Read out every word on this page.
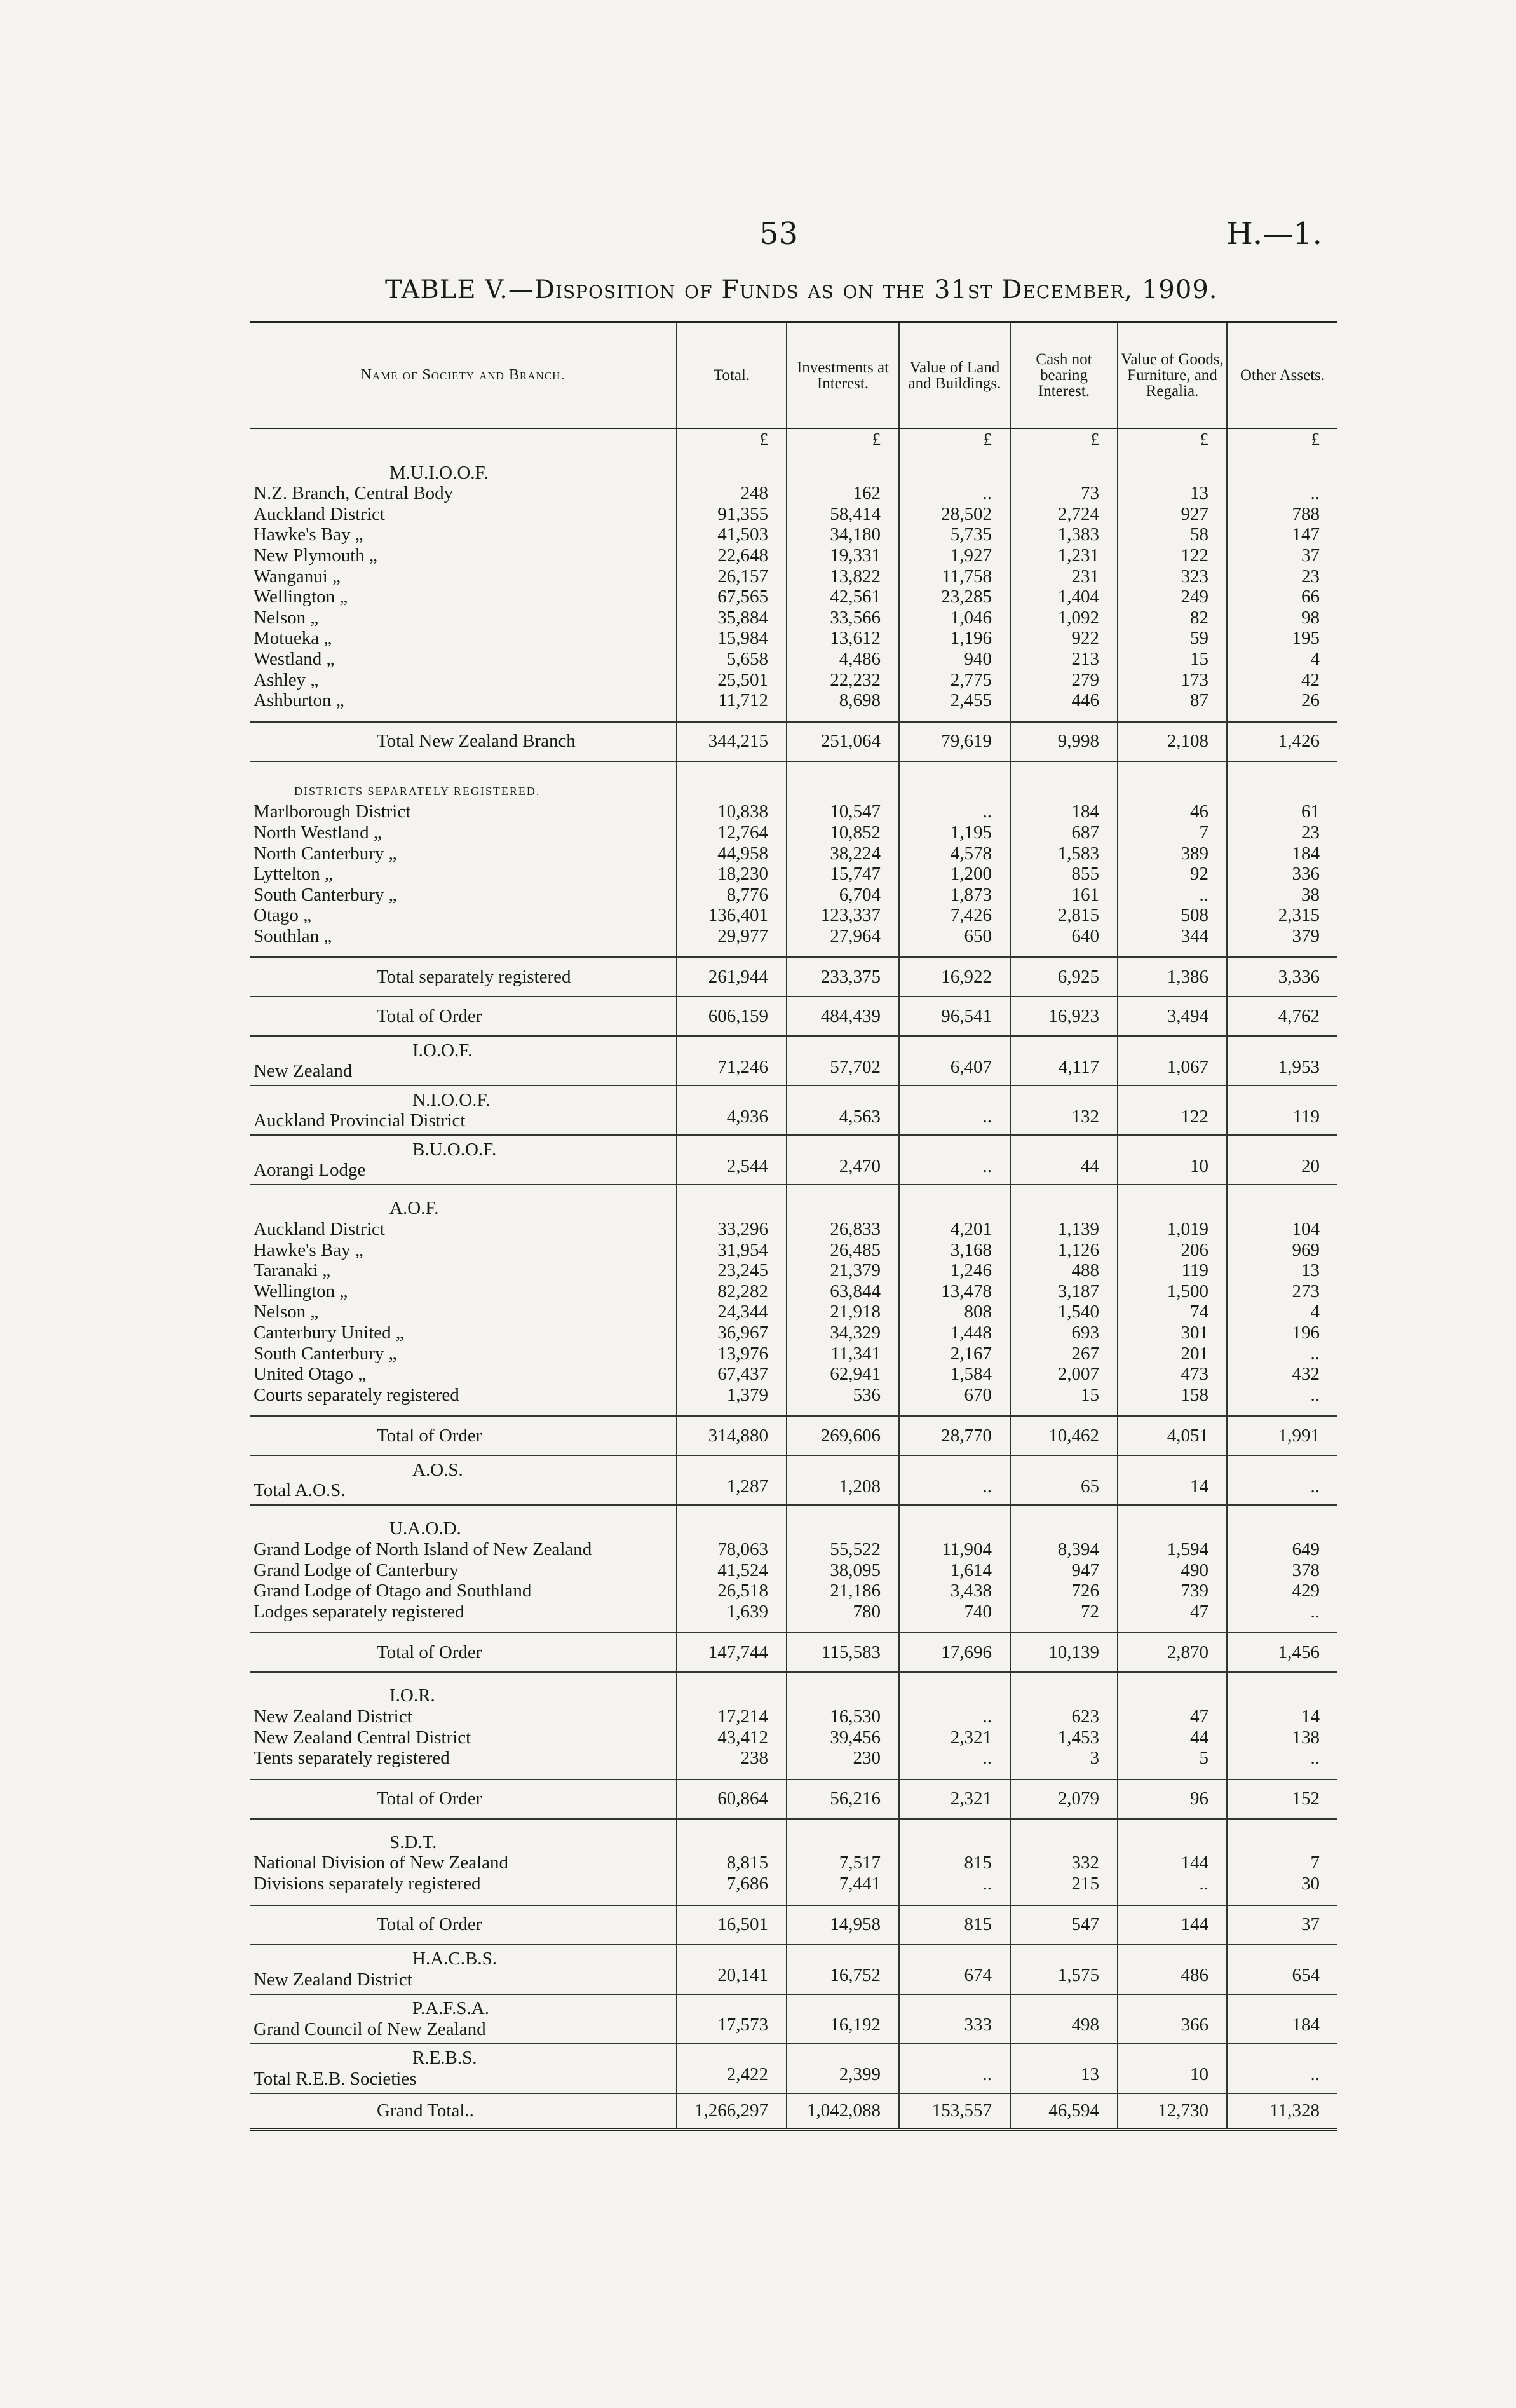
53	H.—1.
TABLE V.—Disposition of Funds as on the 31st December, 1909.
Name of Society and Branch.	Total.	Investments at Interest.	Value of Land and Buildings.	Cash not bearing Interest.	Value of Goods, Furniture, and Regalia.	Other Assets.
	£	£	£	£	£	£
M.U.I.O.O.F.						
N.Z. Branch, Central Body	248	162	..	73	13	..
Auckland District	91,355	58,414	28,502	2,724	927	788
Hawke's Bay „	41,503	34,180	5,735	1,383	58	147
New Plymouth „	22,648	19,331	1,927	1,231	122	37
Wanganui „	26,157	13,822	11,758	231	323	23
Wellington „	67,565	42,561	23,285	1,404	249	66
Nelson „	35,884	33,566	1,046	1,092	82	98
Motueka „	15,984	13,612	1,196	922	59	195
Westland „	5,658	4,486	940	213	15	4
Ashley „	25,501	22,232	2,775	279	173	42
Ashburton „	11,712	8,698	2,455	446	87	26
Total New Zealand Branch	344,215	251,064	79,619	9,998	2,108	1,426
DISTRICTS SEPARATELY REGISTERED.						
Marlborough District	10,838	10,547	..	184	46	61
North Westland „	12,764	10,852	1,195	687	7	23
North Canterbury „	44,958	38,224	4,578	1,583	389	184
Lyttelton „	18,230	15,747	1,200	855	92	336
South Canterbury „	8,776	6,704	1,873	161	..	38
Otago „	136,401	123,337	7,426	2,815	508	2,315
Southlan „	29,977	27,964	650	640	344	379
Total separately registered	261,944	233,375	16,922	6,925	1,386	3,336
Total of Order	606,159	484,439	96,541	16,923	3,494	4,762

I.O.O.F.
New Zealand	71,246	57,702	6,407	4,117	1,067	1,953

N.I.O.O.F.
Auckland Provincial District	4,936	4,563	..	132	122	119

B.U.O.O.F.
Aorangi Lodge	2,544	2,470	..	44	10	20
A.O.F.						
Auckland District	33,296	26,833	4,201	1,139	1,019	104
Hawke's Bay „	31,954	26,485	3,168	1,126	206	969
Taranaki „	23,245	21,379	1,246	488	119	13
Wellington „	82,282	63,844	13,478	3,187	1,500	273
Nelson „	24,344	21,918	808	1,540	74	4
Canterbury United „	36,967	34,329	1,448	693	301	196
South Canterbury „	13,976	11,341	2,167	267	201	..
United Otago „	67,437	62,941	1,584	2,007	473	432
Courts separately registered	1,379	536	670	15	158	..
Total of Order	314,880	269,606	28,770	10,462	4,051	1,991

A.O.S.
Total A.O.S.	1,287	1,208	..	65	14	..
U.A.O.D.						
Grand Lodge of North Island of New Zealand	78,063	55,522	11,904	8,394	1,594	649
Grand Lodge of Canterbury	41,524	38,095	1,614	947	490	378
Grand Lodge of Otago and Southland	26,518	21,186	3,438	726	739	429
Lodges separately registered	1,639	780	740	72	47	..
Total of Order	147,744	115,583	17,696	10,139	2,870	1,456
I.O.R.						
New Zealand District	17,214	16,530	..	623	47	14
New Zealand Central District	43,412	39,456	2,321	1,453	44	138
Tents separately registered	238	230	..	3	5	..
Total of Order	60,864	56,216	2,321	2,079	96	152
S.D.T.						
National Division of New Zealand	8,815	7,517	815	332	144	7
Divisions separately registered	7,686	7,441	..	215	..	30
Total of Order	16,501	14,958	815	547	144	37

H.A.C.B.S.
New Zealand District	20,141	16,752	674	1,575	486	654

P.A.F.S.A.
Grand Council of New Zealand	17,573	16,192	333	498	366	184

R.E.B.S.
Total R.E.B. Societies	2,422	2,399	..	13	10	..
Grand Total..	1,266,297	1,042,088	153,557	46,594	12,730	11,328
